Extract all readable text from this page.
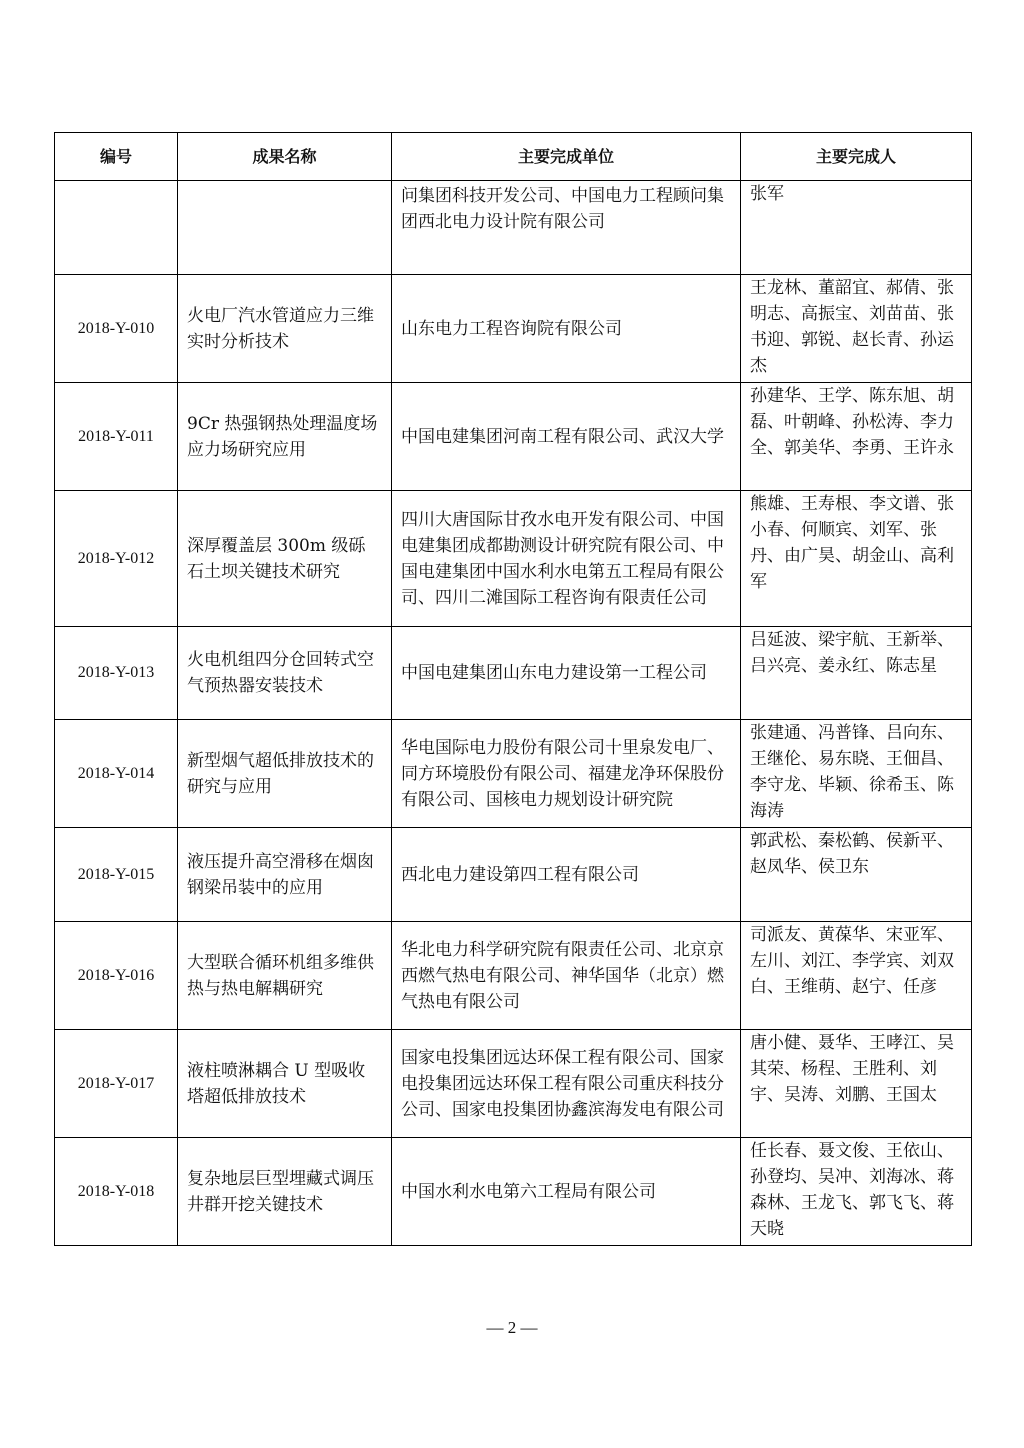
编号	成果名称	主要完成单位	主要完成人
		问集团科技开发公司、中国电力工程顾问集团西北电力设计院有限公司	张军
2018-Y-010	火电厂汽水管道应力三维实时分析技术	山东电力工程咨询院有限公司	王龙林、董韶宜、郝倩、张明志、高振宝、刘苗苗、张书迎、郭锐、赵长青、孙运杰
2018-Y-011	9Cr 热强钢热处理温度场应力场研究应用	中国电建集团河南工程有限公司、武汉大学	孙建华、王学、陈东旭、胡磊、叶朝峰、孙松涛、李力全、郭美华、李勇、王许永
2018-Y-012	深厚覆盖层 300m 级砾石土坝关键技术研究	四川大唐国际甘孜水电开发有限公司、中国电建集团成都勘测设计研究院有限公司、中国电建集团中国水利水电第五工程局有限公司、四川二滩国际工程咨询有限责任公司	熊雄、王寿根、李文谱、张小春、何顺宾、刘军、张丹、由广昊、胡金山、高利军
2018-Y-013	火电机组四分仓回转式空气预热器安装技术	中国电建集团山东电力建设第一工程公司	吕延波、梁宇航、王新举、吕兴亮、姜永红、陈志星
2018-Y-014	新型烟气超低排放技术的研究与应用	华电国际电力股份有限公司十里泉发电厂、同方环境股份有限公司、福建龙净环保股份有限公司、国核电力规划设计研究院	张建通、冯普锋、吕向东、王继伦、易东晓、王佃昌、李守龙、毕颖、徐希玉、陈海涛
2018-Y-015	液压提升高空滑移在烟囱钢梁吊装中的应用	西北电力建设第四工程有限公司	郭武松、秦松鹤、侯新平、赵凤华、侯卫东
2018-Y-016	大型联合循环机组多维供热与热电解耦研究	华北电力科学研究院有限责任公司、北京京西燃气热电有限公司、神华国华（北京）燃气热电有限公司	司派友、黄葆华、宋亚军、左川、刘江、李学宾、刘双白、王维萌、赵宁、任彦
2018-Y-017	液柱喷淋耦合 U 型吸收塔超低排放技术	国家电投集团远达环保工程有限公司、国家电投集团远达环保工程有限公司重庆科技分公司、国家电投集团协鑫滨海发电有限公司	唐小健、聂华、王哮江、吴其荣、杨程、王胜利、刘宇、吴涛、刘鹏、王国太
2018-Y-018	复杂地层巨型埋藏式调压井群开挖关键技术	中国水利水电第六工程局有限公司	任长春、聂文俊、王依山、孙登均、吴冲、刘海冰、蒋森林、王龙飞、郭飞飞、蒋天晓
— 2 —
